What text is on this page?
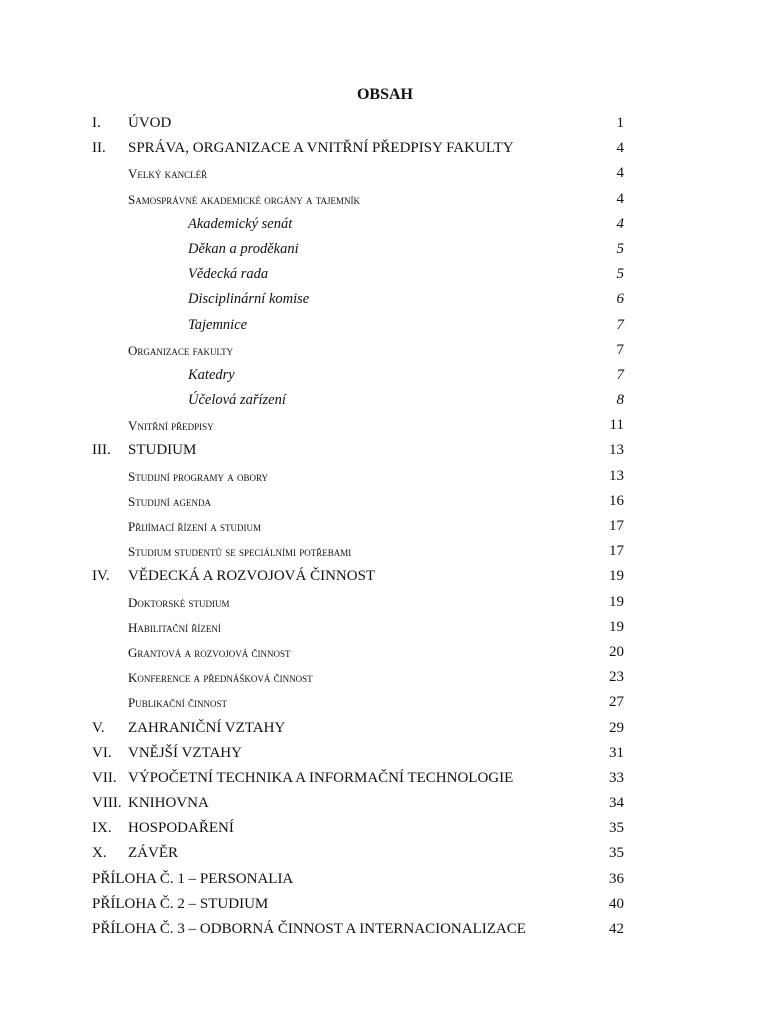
OBSAH
I. ÚVOD	1
II. SPRÁVA, ORGANIZACE A VNITŘNÍ PŘEDPISY FAKULTY	4
Velký kancléř	4
Samosprávné akademické orgány a tajemník	4
Akademický senát	4
Děkan a proděkani	5
Vědecká rada	5
Disciplinární komise	6
Tajemnice	7
Organizace fakulty	7
Katedry	7
Účelová zařízení	8
Vnitřní předpisy	11
III. STUDIUM	13
Studijní programy a obory	13
Studijní agenda	16
Přijímací řízení a studium	17
Studium studentů se speciálními potřebami	17
IV. VĚDECKÁ A ROZVOJOVÁ ČINNOST	19
Doktorské studium	19
Habilitační řízení	19
Grantová a rozvojová činnost	20
Konference a přednášková činnost	23
Publikační činnost	27
V. ZAHRANIČNÍ VZTAHY	29
VI. VNĚJŠÍ VZTAHY	31
VII. VÝPOČETNÍ TECHNIKA A INFORMAČNÍ TECHNOLOGIE	33
VIII. KNIHOVNA	34
IX. HOSPODAŘENÍ	35
X. ZÁVĚR	35
PŘÍLOHA Č. 1 – PERSONALIA	36
PŘÍLOHA Č. 2 – STUDIUM	40
PŘÍLOHA Č. 3 – ODBORNÁ ČINNOST A INTERNACIONALIZACE	42
